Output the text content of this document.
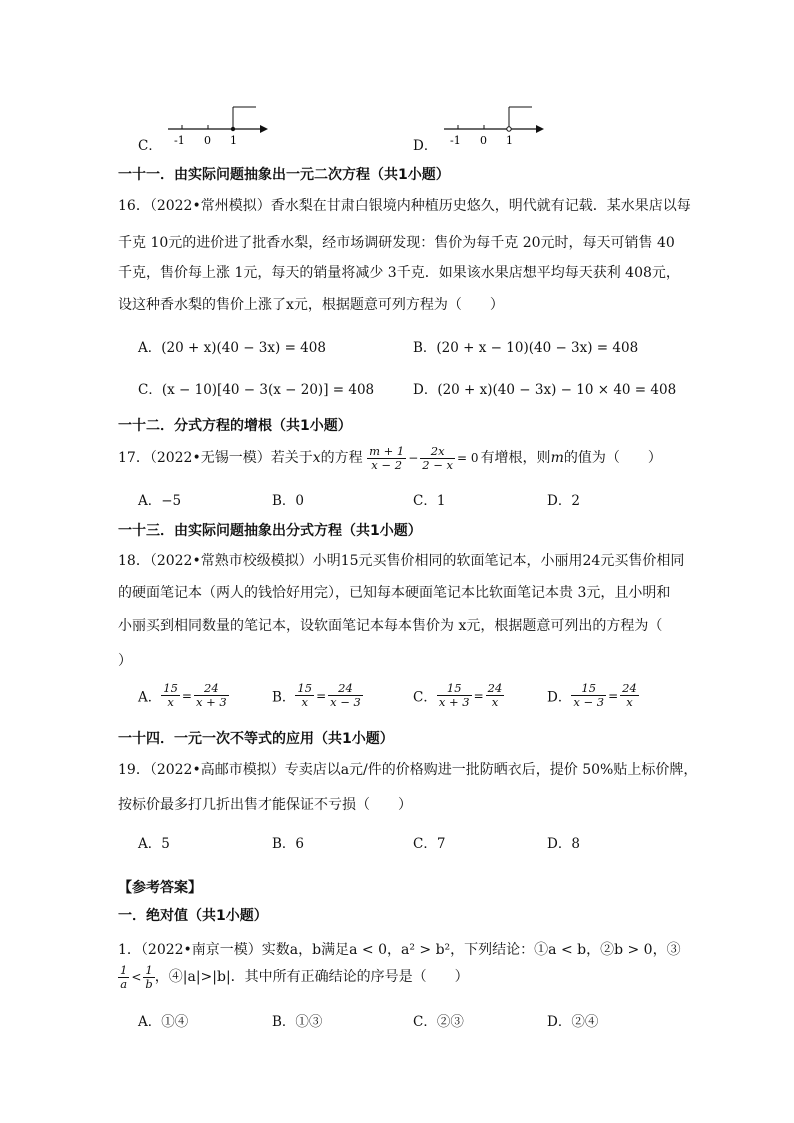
C． -1 0 1	D． -1 0 1
一十一．由实际问题抽象出一元二次方程（共1小题）
16．（2022•常州模拟）香水梨在甘肃白银境内种植历史悠久，明代就有记载．某水果店以每
千克 10元的进价进了批香水梨，经市场调研发现：售价为每千克 20元时，每天可销售 40
千克，售价每上涨 1元，每天的销量将减少 3千克．如果该水果店想平均每天获利 408元，
设这种香水梨的售价上涨了x元，根据题意可列方程为（　　）
A．(20 + x)(40 − 3x) = 408	B．(20 + x − 10)(40 − 3x) = 408
C．(x − 10)[40 − 3(x − 20)] = 408	D．(20 + x)(40 − 3x) − 10 × 40 = 408
一十二．分式方程的增根（共1小题）
17．（2022•无锡一模）若关于x的方程 $\frac{m + 1}{x - 2} - \frac{2x}{2 - x} = 0$ 有增根，则m的值为（　　）
A．−5	B．0	C．1	D．2
一十三．由实际问题抽象出分式方程（共1小题）
18．（2022•常熟市校级模拟）小明15元买售价相同的软面笔记本，小丽用24元买售价相同
的硬面笔记本（两人的钱恰好用完），已知每本硬面笔记本比软面笔记本贵 3元，且小明和
小丽买到相同数量的笔记本，设软面笔记本每本售价为 x元，根据题意可列出的方程为（
）
A． $\frac{15}{x} = \frac{24}{x + 3}$	B． $\frac{15}{x} = \frac{24}{x - 3}$	C． $\frac{15}{x + 3} = \frac{24}{x}$	D． $\frac{15}{x - 3} = \frac{24}{x}$
一十四．一元一次不等式的应用（共1小题）
19．（2022•高邮市模拟）专卖店以a元/件的价格购进一批防晒衣后，提价 50%贴上标价牌，
按标价最多打几折出售才能保证不亏损（　　）
A．5	B．6	C．7	D．8
【参考答案】
一．绝对值（共1小题）
1．（2022•南京一模）实数a，b满足a < 0，a² > b²，下列结论：①a < b，②b > 0，③
$\frac{1}{a} < \frac{1}{b}$ ，④|a|>|b|．其中所有正确结论的序号是（　　）
A．①④	B．①③	C．②③	D．②④
